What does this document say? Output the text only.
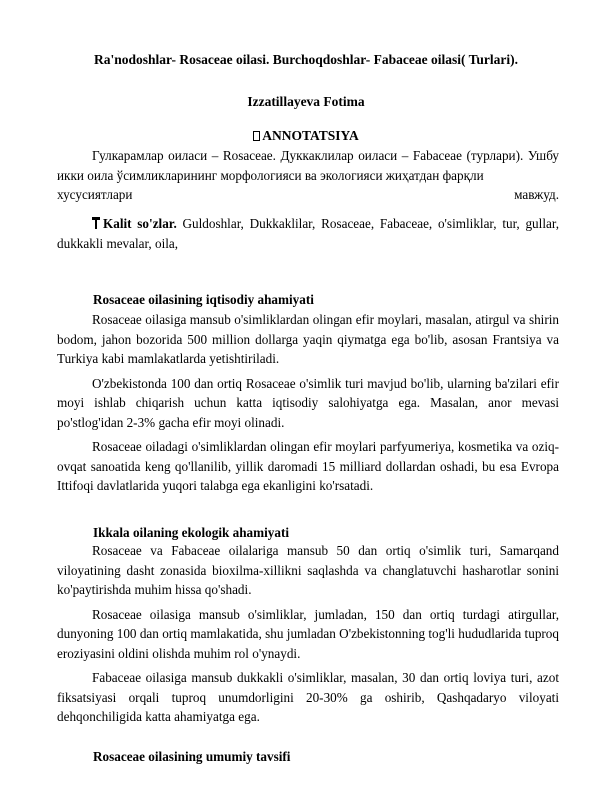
Ra'nodoshlar- Rosaceae oilasi. Burchoqdoshlar- Fabaceae oilasi( Turlari).
Izzatillayeva Fotima
ANNOTATSIYA

Гулкарамлар оиласи – Rosaceae. Дуккаклилар оиласи – Fabaceae (турлари). Ушбу икки оила ўсимликларининг морфологияси ва экологияси жиҳатдан фарқли

хусусиятлари	мавжуд.

Kalit so'zlar. Guldoshlar, Dukkaklilar, Rosaceae, Fabaceae, o'simliklar, tur, gullar, dukkakli mevalar, oila,

Rosaceae oilasining iqtisodiy ahamiyati

Rosaceae oilasiga mansub o'simliklardan olingan efir moylari, masalan, atirgul va shirin bodom, jahon bozorida 500 million dollarga yaqin qiymatga ega bo'lib, asosan Frantsiya va Turkiya kabi mamlakatlarda yetishtiriladi.

O'zbekistonda 100 dan ortiq Rosaceae o'simlik turi mavjud bo'lib, ularning ba'zilari efir moyi ishlab chiqarish uchun katta iqtisodiy salohiyatga ega. Masalan, anor mevasi po'stlog'idan 2-3% gacha efir moyi olinadi.

Rosaceae oiladagi o'simliklardan olingan efir moylari parfyumeriya, kosmetika va oziq-ovqat sanoatida keng qo'llanilib, yillik daromadi 15 milliard dollardan oshadi, bu esa Evropa Ittifoqi davlatlarida yuqori talabga ega ekanligini ko'rsatadi.

Ikkala oilaning ekologik ahamiyati

Rosaceae va Fabaceae oilalariga mansub 50 dan ortiq o'simlik turi, Samarqand viloyatining dasht zonasida bioxilma-xillikni saqlashda va changlatuvchi hasharotlar sonini ko'paytirishda muhim hissa qo'shadi.

Rosaceae oilasiga mansub o'simliklar, jumladan, 150 dan ortiq turdagi atirgullar, dunyoning 100 dan ortiq mamlakatida, shu jumladan O'zbekistonning tog'li hududlarida tuproq eroziyasini oldini olishda muhim rol o'ynaydi.

Fabaceae oilasiga mansub dukkakli o'simliklar, masalan, 30 dan ortiq loviya turi, azot fiksatsiyasi orqali tuproq unumdorligini 20-30% ga oshirib, Qashqadaryo viloyati dehqonchiligida katta ahamiyatga ega.

Rosaceae oilasining umumiy tavsifi
